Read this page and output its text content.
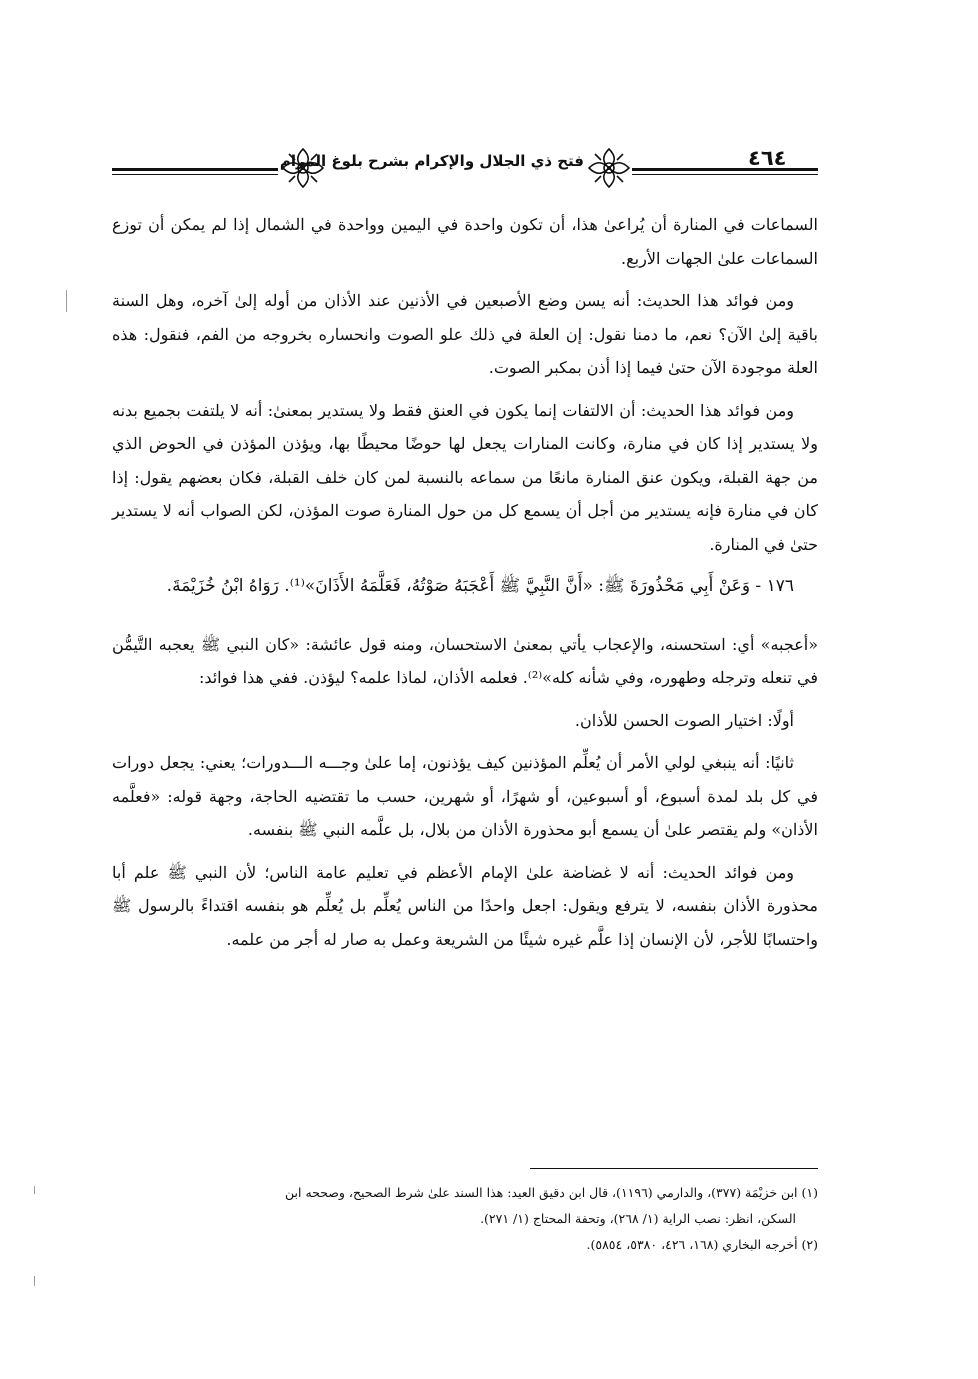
فتح ذي الجلال والإكرام بشرح بلوغ المرام	٤٦٤

السماعات في المنارة أن يُراعىٰ هذا، أن تكون واحدة في اليمين وواحدة في الشمال إذا لم يمكن أن توزع السماعات علىٰ الجهات الأربع.

ومن فوائد هذا الحديث: أنه يسن وضع الأصبعين في الأذنين عند الأذان من أوله إلىٰ آخره، وهل السنة باقية إلىٰ الآن؟ نعم، ما دمنا نقول: إن العلة في ذلك علو الصوت وانحساره بخروجه من الفم، فنقول: هذه العلة موجودة الآن حتىٰ فيما إذا أذن بمكبر الصوت.

ومن فوائد هذا الحديث: أن الالتفات إنما يكون في العنق فقط ولا يستدير بمعنىٰ: أنه لا يلتفت بجميع بدنه ولا يستدير إذا كان في منارة، وكانت المنارات يجعل لها حوضًا محيطًا بها، ويؤذن المؤذن في الحوض الذي من جهة القبلة، ويكون عنق المنارة مانعًا من سماعه بالنسبة لمن كان خلف القبلة، فكان بعضهم يقول: إذا كان في منارة فإنه يستدير من أجل أن يسمع كل من حول المنارة صوت المؤذن، لكن الصواب أنه لا يستدير حتىٰ في المنارة.

١٧٦ - وَعَنْ أَبِي مَحْذُورَةَ ﷺ: «أَنَّ النَّبِيَّ ﷺ أَعْجَبَهُ صَوْتُهُ، فَعَلَّمَهُ الأَذَانَ»⁽¹⁾. رَوَاهُ ابْنُ خُزَيْمَةَ.

«أعجبه» أي: استحسنه، والإعجاب يأتي بمعنىٰ الاستحسان، ومنه قول عائشة: «كان النبي ﷺ يعجبه التَّيمُّن في تنعله وترجله وطهوره، وفي شأنه كله»⁽²⁾. فعلمه الأذان، لماذا علمه؟ ليؤذن. ففي هذا فوائد:

أولًا: اختيار الصوت الحسن للأذان.

ثانيًا: أنه ينبغي لولي الأمر أن يُعلِّم المؤذنين كيف يؤذنون، إما علىٰ وجـــه الـــدورات؛ يعني: يجعل دورات في كل بلد لمدة أسبوع، أو أسبوعين، أو شهرًا، أو شهرين، حسب ما تقتضيه الحاجة، وجهة قوله: «فعلَّمه الأذان» ولم يقتصر علىٰ أن يسمع أبو محذورة الأذان من بلال، بل علَّمه النبي ﷺ بنفسه.

ومن فوائد الحديث: أنه لا غضاضة علىٰ الإمام الأعظم في تعليم عامة الناس؛ لأن النبي ﷺ علم أبا محذورة الأذان بنفسه، لا يترفع ويقول: اجعل واحدًا من الناس يُعلِّم بل يُعلِّم هو بنفسه اقتداءً بالرسول ﷺ واحتسابًا للأجر، لأن الإنسان إذا علَّم غيره شيئًا من الشريعة وعمل به صار له أجر من علمه.

(١) ابن خزيْمَة (٣٧٧)، والدارمي (١١٩٦)، قال ابن دقيق العيد: هذا السند علىٰ شرط الصحيح، وصححه ابن

السكن، انظر: نصب الراية (١/ ٢٦٨)، وتحفة المحتاج (١/ ٢٧١).

(٢) أخرجه البخاري (١٦٨، ٤٢٦، ٥٣٨٠، ٥٨٥٤).
